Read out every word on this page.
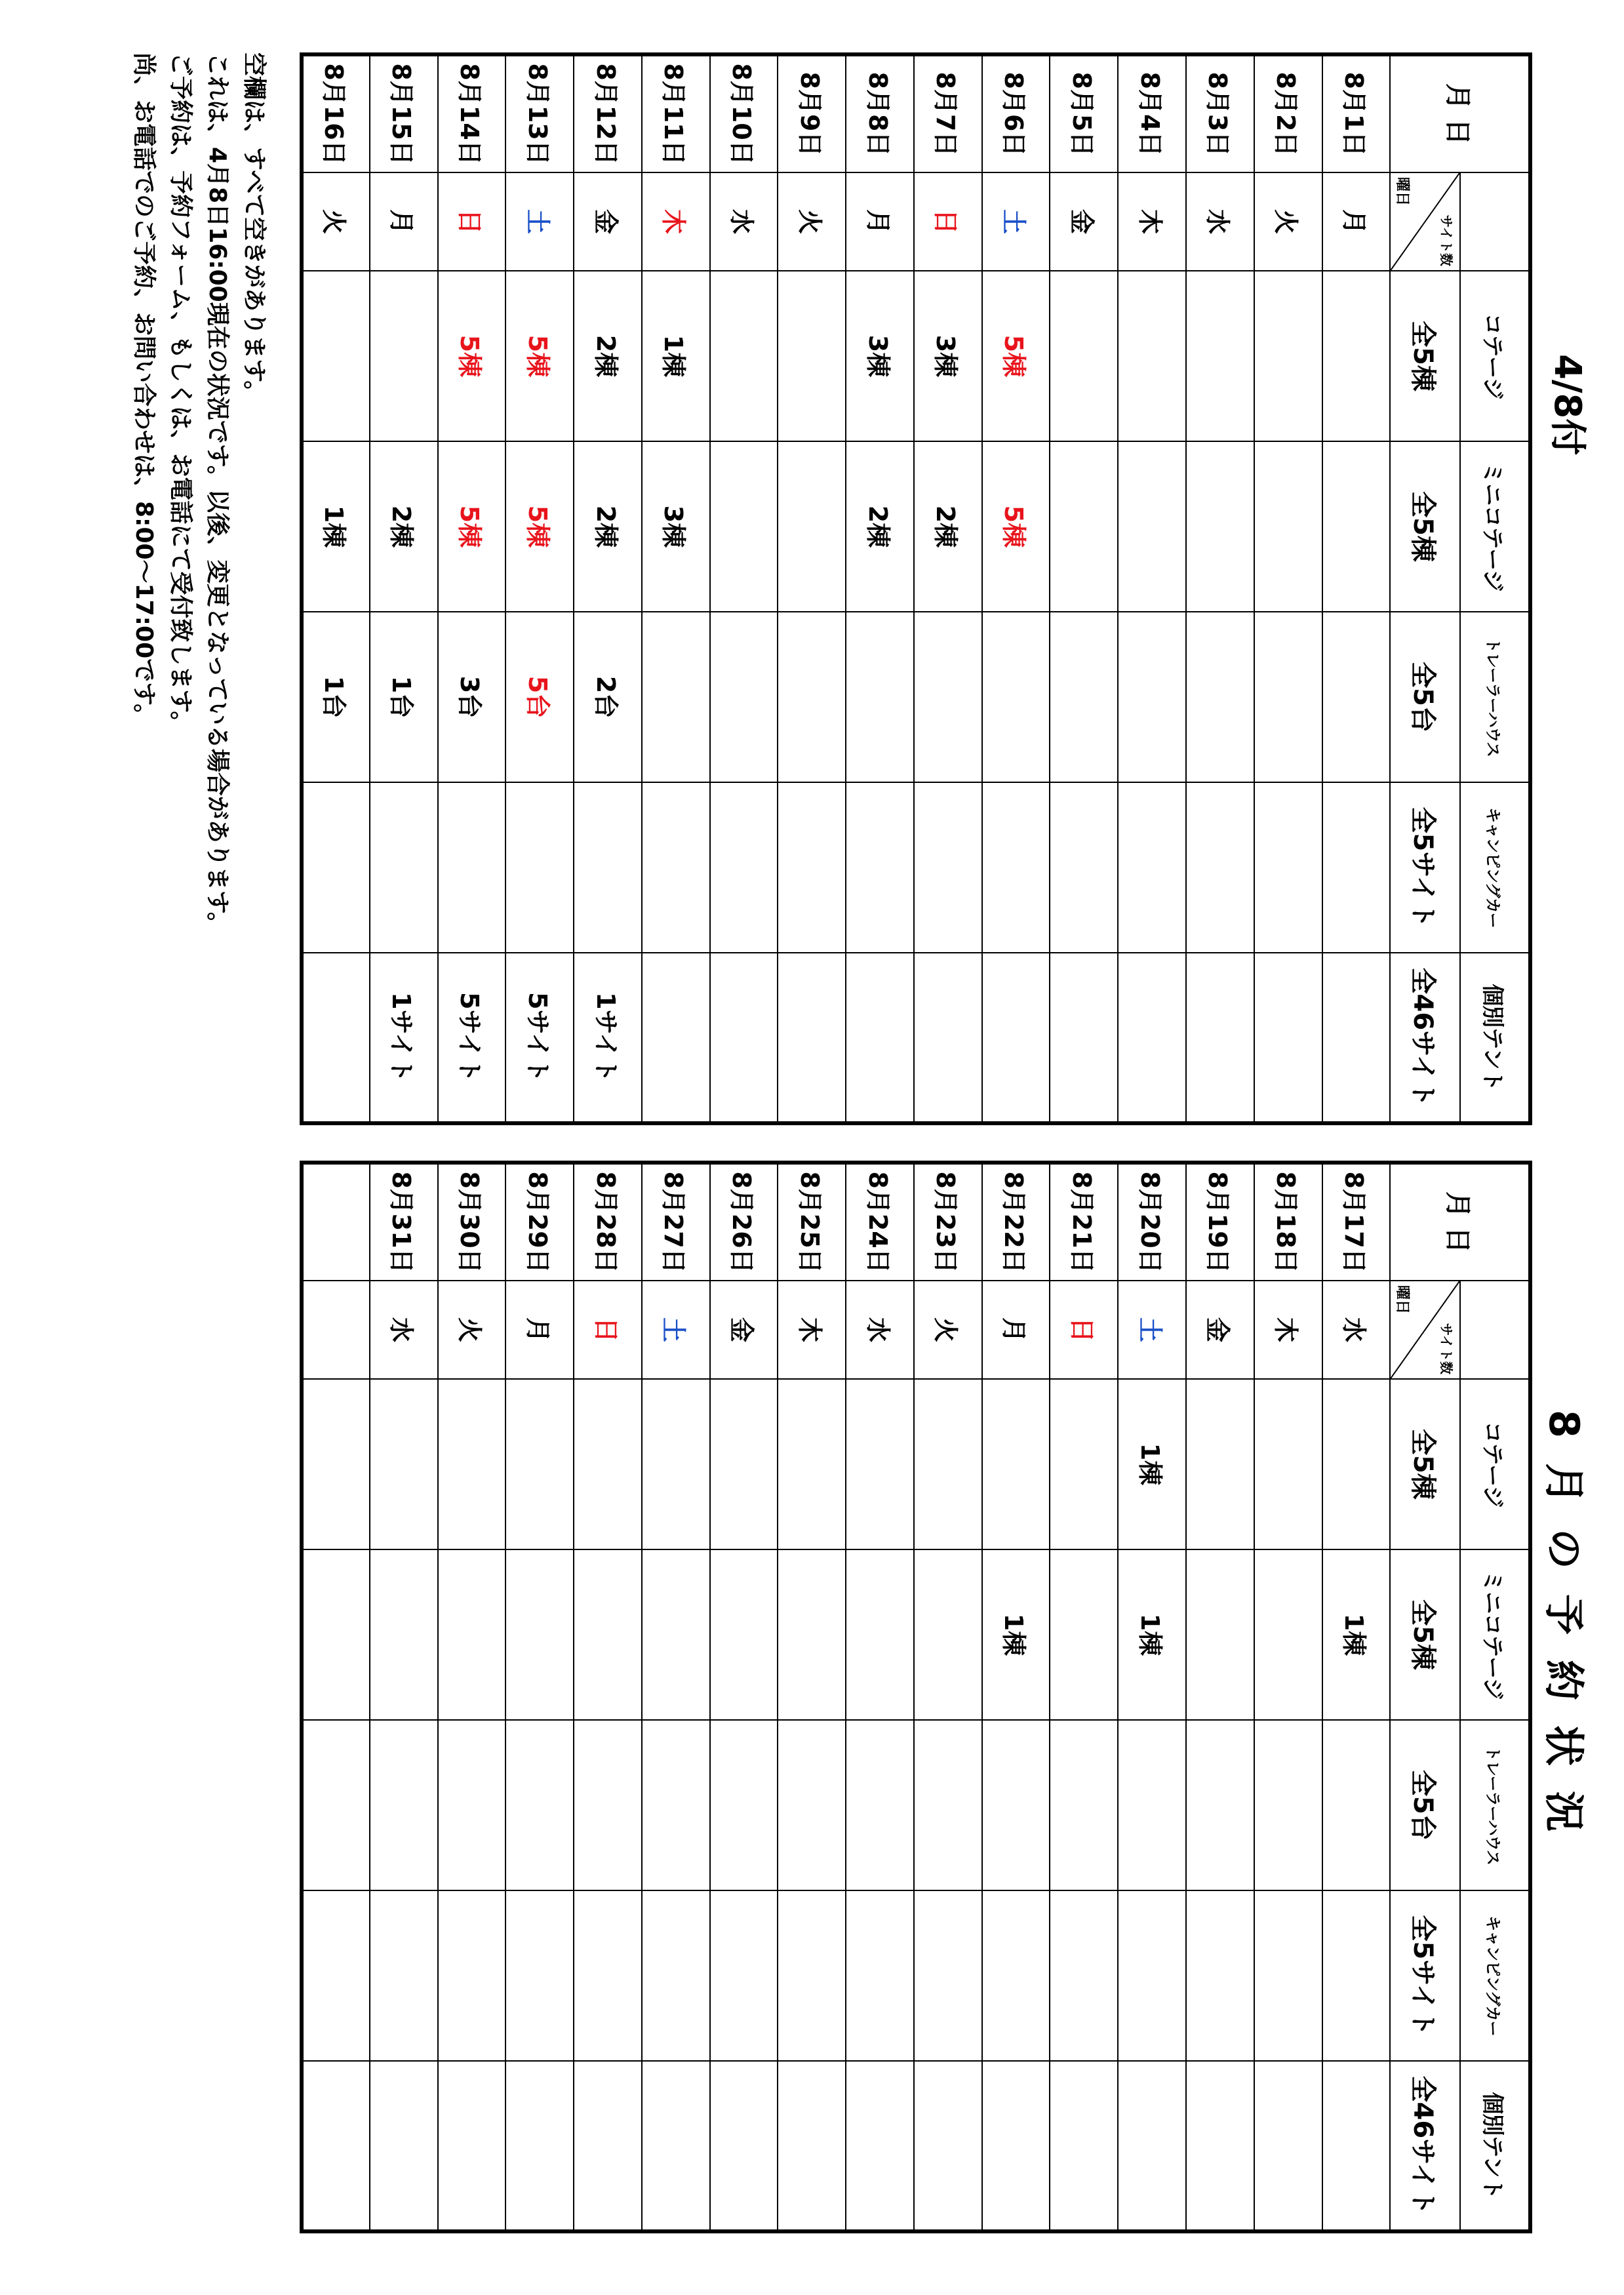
8月の予約状況
4/8付
月 日		コテージ	ミニコテージ	トレーラーハウス	キャンピングカー	個別テント

	サイト数
曜日	全5棟	全5棟	全5台	全5サイト	全46サイト
8月1日	月					
8月2日	火					
8月3日	水					
8月4日	木					
8月5日	金					
8月6日	土	5棟	5棟			
8月7日	日	3棟	2棟			
8月8日	月	3棟	2棟			
8月9日	火					
8月10日	水					
8月11日	木	1棟	3棟			
8月12日	金	2棟	2棟	2台		1サイト
8月13日	土	5棟	5棟	5台		5サイト
8月14日	日	5棟	5棟	3台		5サイト
8月15日	月		2棟	1台		1サイト
8月16日	火		1棟	1台		
月 日		コテージ	ミニコテージ	トレーラーハウス	キャンピングカー	個別テント

	サイト数
曜日	全5棟	全5棟	全5台	全5サイト	全46サイト
8月17日	水		1棟			
8月18日	木					
8月19日	金					
8月20日	土	1棟	1棟			
8月21日	日					
8月22日	月		1棟			
8月23日	火					
8月24日	水					
8月25日	木					
8月26日	金					
8月27日	土					
8月28日	日					
8月29日	月					
8月30日	火					
8月31日	水					

空欄は、すべて空きがあります。
これは、4月8日16:00現在の状況です。以後、変更となっている場合があります。
ご予約は、予約フォーム、もしくは、お電話にて受付致します。
尚、お電話でのご予約、お問い合わせは、8:00～17:00です。
